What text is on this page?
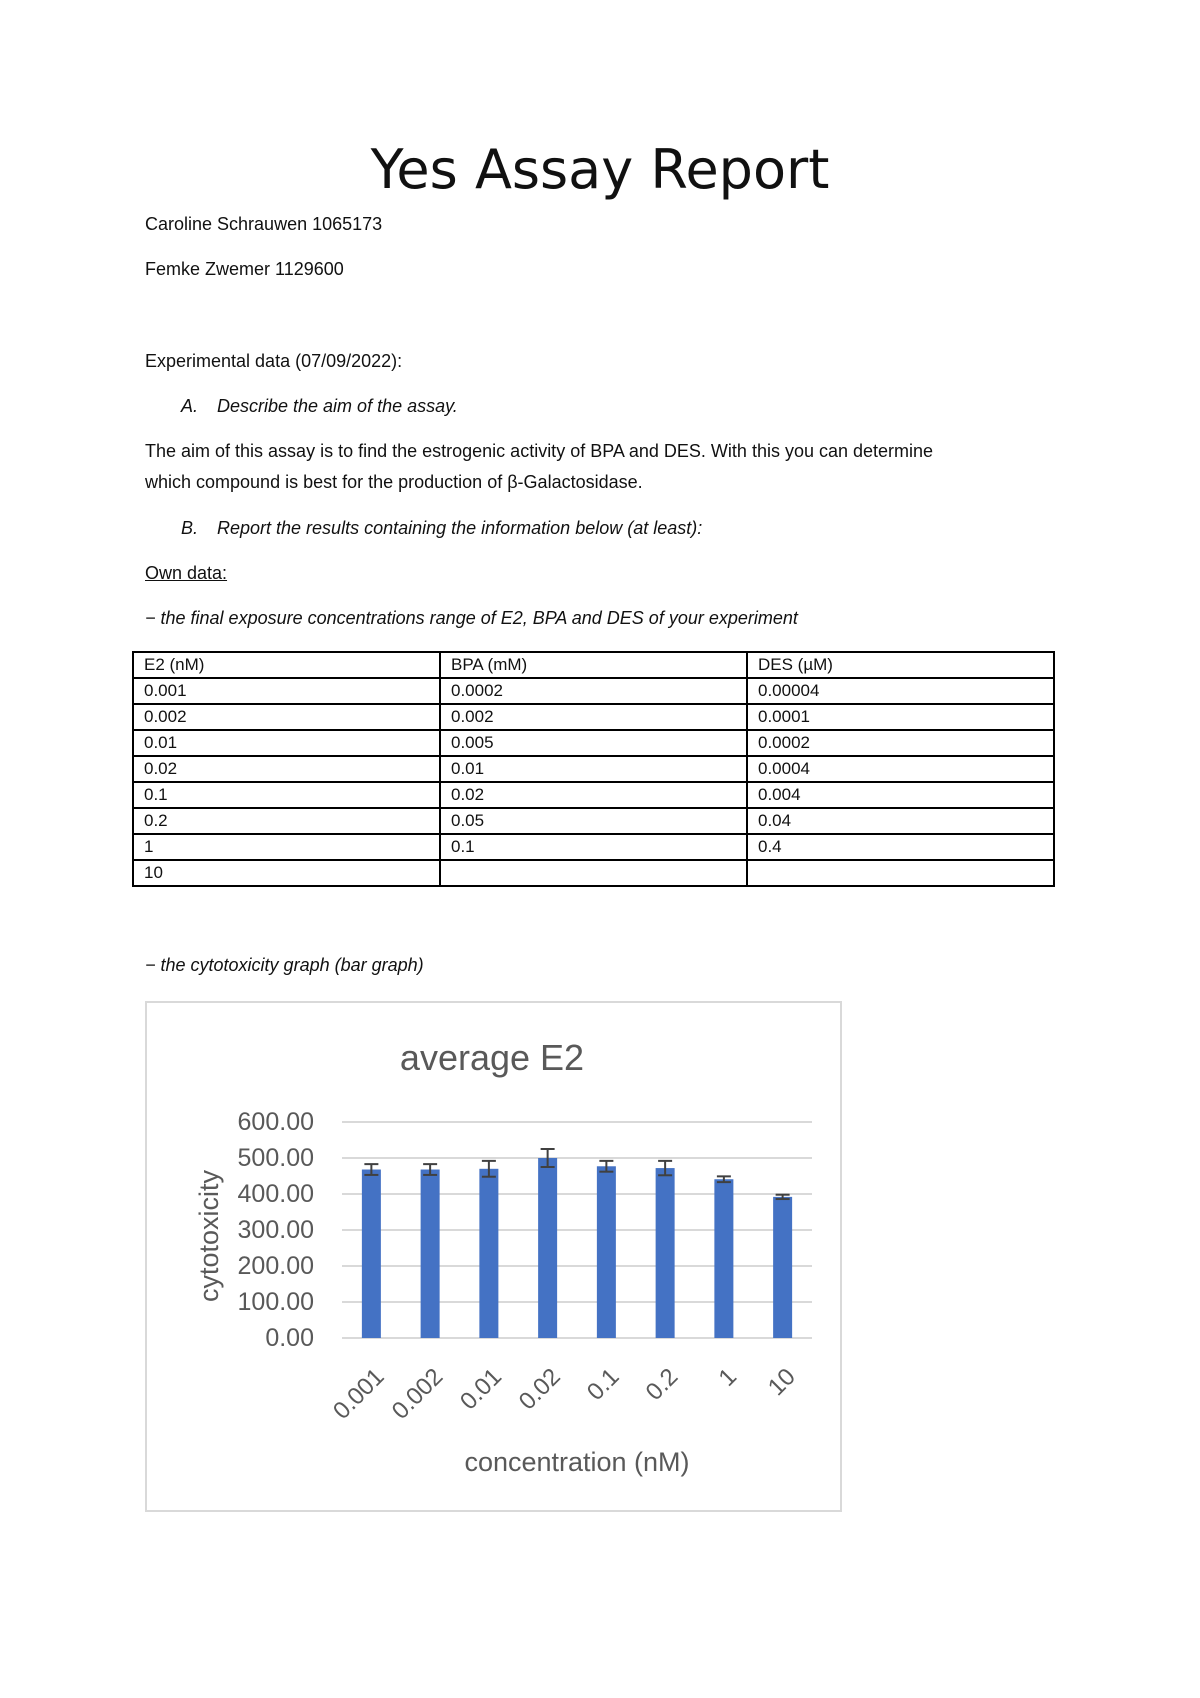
Yes Assay Report
Caroline Schrauwen 1065173
Femke Zwemer 1129600
Experimental data (07/09/2022):
A. Describe the aim of the assay.
The aim of this assay is to find the estrogenic activity of BPA and DES. With this you can determine
which compound is best for the production of β-Galactosidase.
B. Report the results containing the information below (at least):
Own data:
− the final exposure concentrations range of E2, BPA and DES of your experiment
E2 (nM)	BPA (mM)	DES (µM)
0.001	0.0002	0.00004
0.002	0.002	0.0001
0.01	0.005	0.0002
0.02	0.01	0.0004
0.1	0.02	0.004
0.2	0.05	0.04
1	0.1	0.4
10		
− the cytotoxicity graph (bar graph)
average E2
0.00
100.00
200.00
300.00
400.00
500.00
600.00
cytotoxicity
0.001
0.002 0.01 0.02 0.1 0.2 1 10
concentration (nM)
